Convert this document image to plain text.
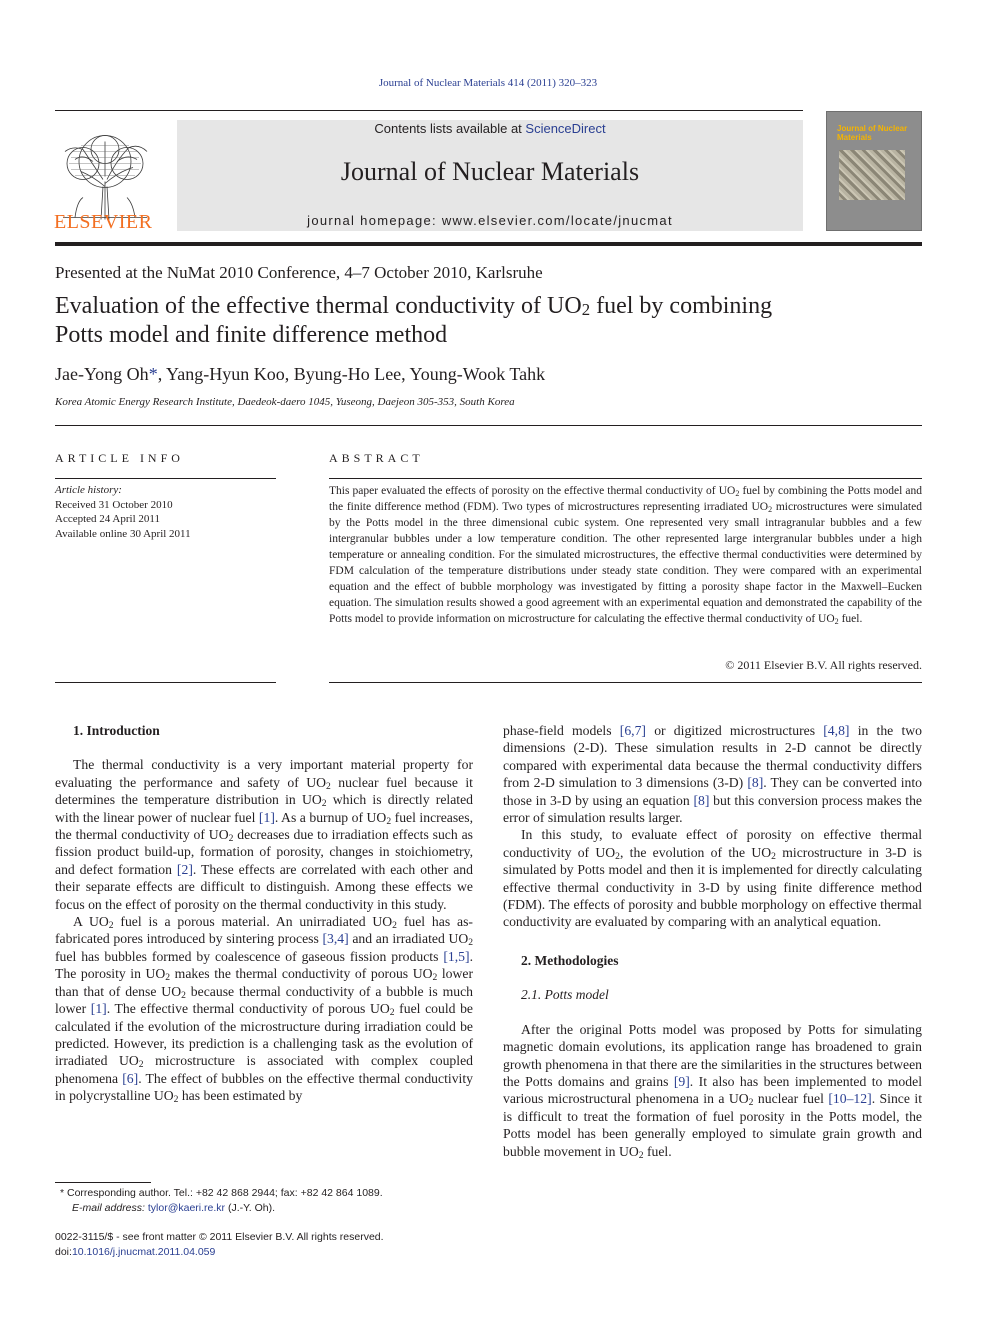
Journal of Nuclear Materials 414 (2011) 320–323
ELSEVIER
Contents lists available at ScienceDirect
Journal of Nuclear Materials
journal homepage: www.elsevier.com/locate/jnucmat
Journal of Nuclear Materials
Presented at the NuMat 2010 Conference, 4–7 October 2010, Karlsruhe
Evaluation of the effective thermal conductivity of $UO_2$ fuel by combining
Potts model and finite difference method
Jae-Yong Oh*, Yang-Hyun Koo, Byung-Ho Lee, Young-Wook Tahk
Korea Atomic Energy Research Institute, Daedeok-daero 1045, Yuseong, Daejeon 305-353, South Korea
ARTICLE INFO	ABSTRACT
Article history:
Received 31 October 2010
Accepted 24 April 2011
Available online 30 April 2011
This paper evaluated the effects of porosity on the effective thermal conductivity of $UO_2$ fuel by combining the Potts model and the finite difference method (FDM). Two types of microstructures representing irradiated $UO_2$ microstructures were simulated by the Potts model in the three dimensional cubic system. One represented very small intragranular bubbles and a few intergranular bubbles under a low temperature condition. The other represented large intergranular bubbles under a high temperature or annealing condition. For the simulated microstructures, the effective thermal conductivities were determined by FDM calculation of the temperature distributions under steady state condition. They were compared with an experimental equation and the effect of bubble morphology was investigated by fitting a porosity shape factor in the Maxwell–Eucken equation. The simulation results showed a good agreement with an experimental equation and demonstrated the capability of the Potts model to provide information on microstructure for calculating the effective thermal conductivity of $UO_2$ fuel.
© 2011 Elsevier B.V. All rights reserved.

1. Introduction

The thermal conductivity is a very important material property for evaluating the performance and safety of $UO_2$ nuclear fuel because it determines the temperature distribution in $UO_2$ which is directly related with the linear power of nuclear fuel [1]. As a burnup of $UO_2$ fuel increases, the thermal conductivity of $UO_2$ decreases due to irradiation effects such as fission product build-up, formation of porosity, changes in stoichiometry, and defect formation [2]. These effects are correlated with each other and their separate effects are difficult to distinguish. Among these effects we focus on the effect of porosity on the thermal conductivity in this study.

A $UO_2$ fuel is a porous material. An unirradiated $UO_2$ fuel has as-fabricated pores introduced by sintering process [3,4] and an irradiated $UO_2$ fuel has bubbles formed by coalescence of gaseous fission products [1,5]. The porosity in $UO_2$ makes the thermal conductivity of porous $UO_2$ lower than that of dense $UO_2$ because thermal conductivity of a bubble is much lower [1]. The effective thermal conductivity of porous $UO_2$ fuel could be calculated if the evolution of the microstructure during irradiation could be predicted. However, its prediction is a challenging task as the evolution of irradiated $UO_2$ microstructure is associated with complex coupled phenomena [6]. The effect of bubbles on the effective thermal conductivity in polycrystalline $UO_2$ has been estimated by

phase-field models [6,7] or digitized microstructures [4,8] in the two dimensions (2-D). These simulation results in 2-D cannot be directly compared with experimental data because the thermal conductivity differs from 2-D simulation to 3 dimensions (3-D) [8]. They can be converted into those in 3-D by using an equation [8] but this conversion process makes the error of simulation results larger.

In this study, to evaluate effect of porosity on effective thermal conductivity of $UO_2$, the evolution of the $UO_2$ microstructure in 3-D is simulated by Potts model and then it is implemented for directly calculating effective thermal conductivity in 3-D by using finite difference method (FDM). The effects of porosity and bubble morphology on effective thermal conductivity are evaluated by comparing with an analytical equation.

2. Methodologies

2.1. Potts model

After the original Potts model was proposed by Potts for simulating magnetic domain evolutions, its application range has broadened to grain growth phenomena in that there are the similarities in the structures between the Potts domains and grains [9]. It also has been implemented to model various microstructural phenomena in a $UO_2$ nuclear fuel [10–12]. Since it is difficult to treat the formation of fuel porosity in the Potts model, the Potts model has been generally employed to simulate grain growth and bubble movement in $UO_2$ fuel.

* Corresponding author. Tel.: +82 42 868 2944; fax: +82 42 864 1089.
E-mail address: tylor@kaeri.re.kr (J.-Y. Oh).
0022-3115/$ - see front matter © 2011 Elsevier B.V. All rights reserved.
doi:10.1016/j.jnucmat.2011.04.059
